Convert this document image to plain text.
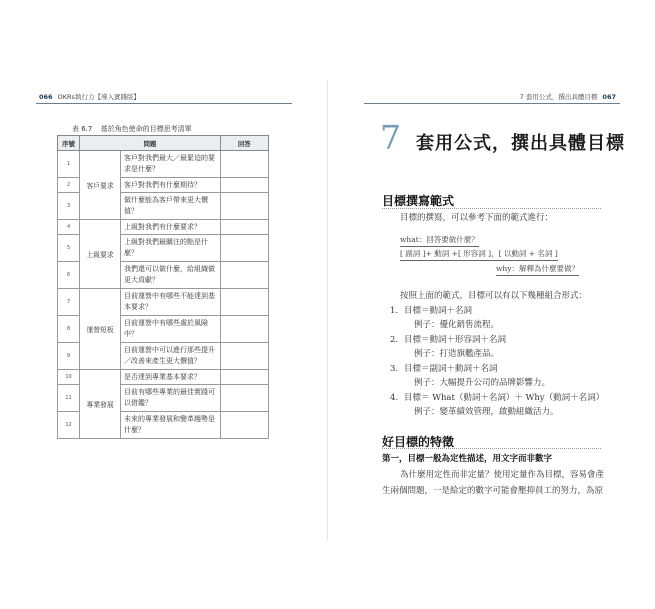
066 OKRs執行力【導入實踐版】
表 6.7 基於角色使命的目標思考清單
序號	問題		回答
1	客戶要求	客戶對我們最大／最緊迫的要求是什麼？	
2		客戶對我們有什麼期待？	
3		做什麼能為客戶帶來更大價值？	
4	上級要求	上級對我們有什麼要求？	
5		上級對我們最關注的點是什麼？	
6		我們還可以做什麼，給組織做更大貢獻？	
7	運營短板	目前運營中有哪些不能達到基本要求？	
8		目前運營中有哪些處於風險中？	
9		目前運營中可以進行那些提升／改善來產生更大價值？	
10	專業發展	是否達到專業基本要求？	
11		目前有哪些專業的最佳實踐可以借鑑？	
12		未來的專業發展和變革趨勢是什麼？	
7 套用公式，撰出具體目標 067
7 套用公式，撰出具體目標
目標撰寫範式
目標的撰寫，可以參考下面的範式進行：
what：回答要做什麼？
[ 副詞 ]+ 動詞 +[ 形容詞 ]，[ 以動詞 + 名詞 ]
why：解釋為什麼要做？
按照上面的範式，目標可以有以下幾種組合形式：
1. 目標＝動詞＋名詞
例子：優化銷售流程。
2. 目標＝動詞＋形容詞＋名詞
例子：打造旗艦產品。
3. 目標＝副詞＋動詞＋名詞
例子：大幅提升公司的品牌影響力。
4. 目標＝ What（動詞＋名詞）＋ Why（動詞＋名詞）
例子：變革績效管理，啟動組織活力。
好目標的特徵
第一，目標一般為定性描述，用文字而非數字
為什麼用定性而非定量？使用定量作為目標，容易會產
生兩個問題，一是給定的數字可能會壓抑員工的努力，為原
